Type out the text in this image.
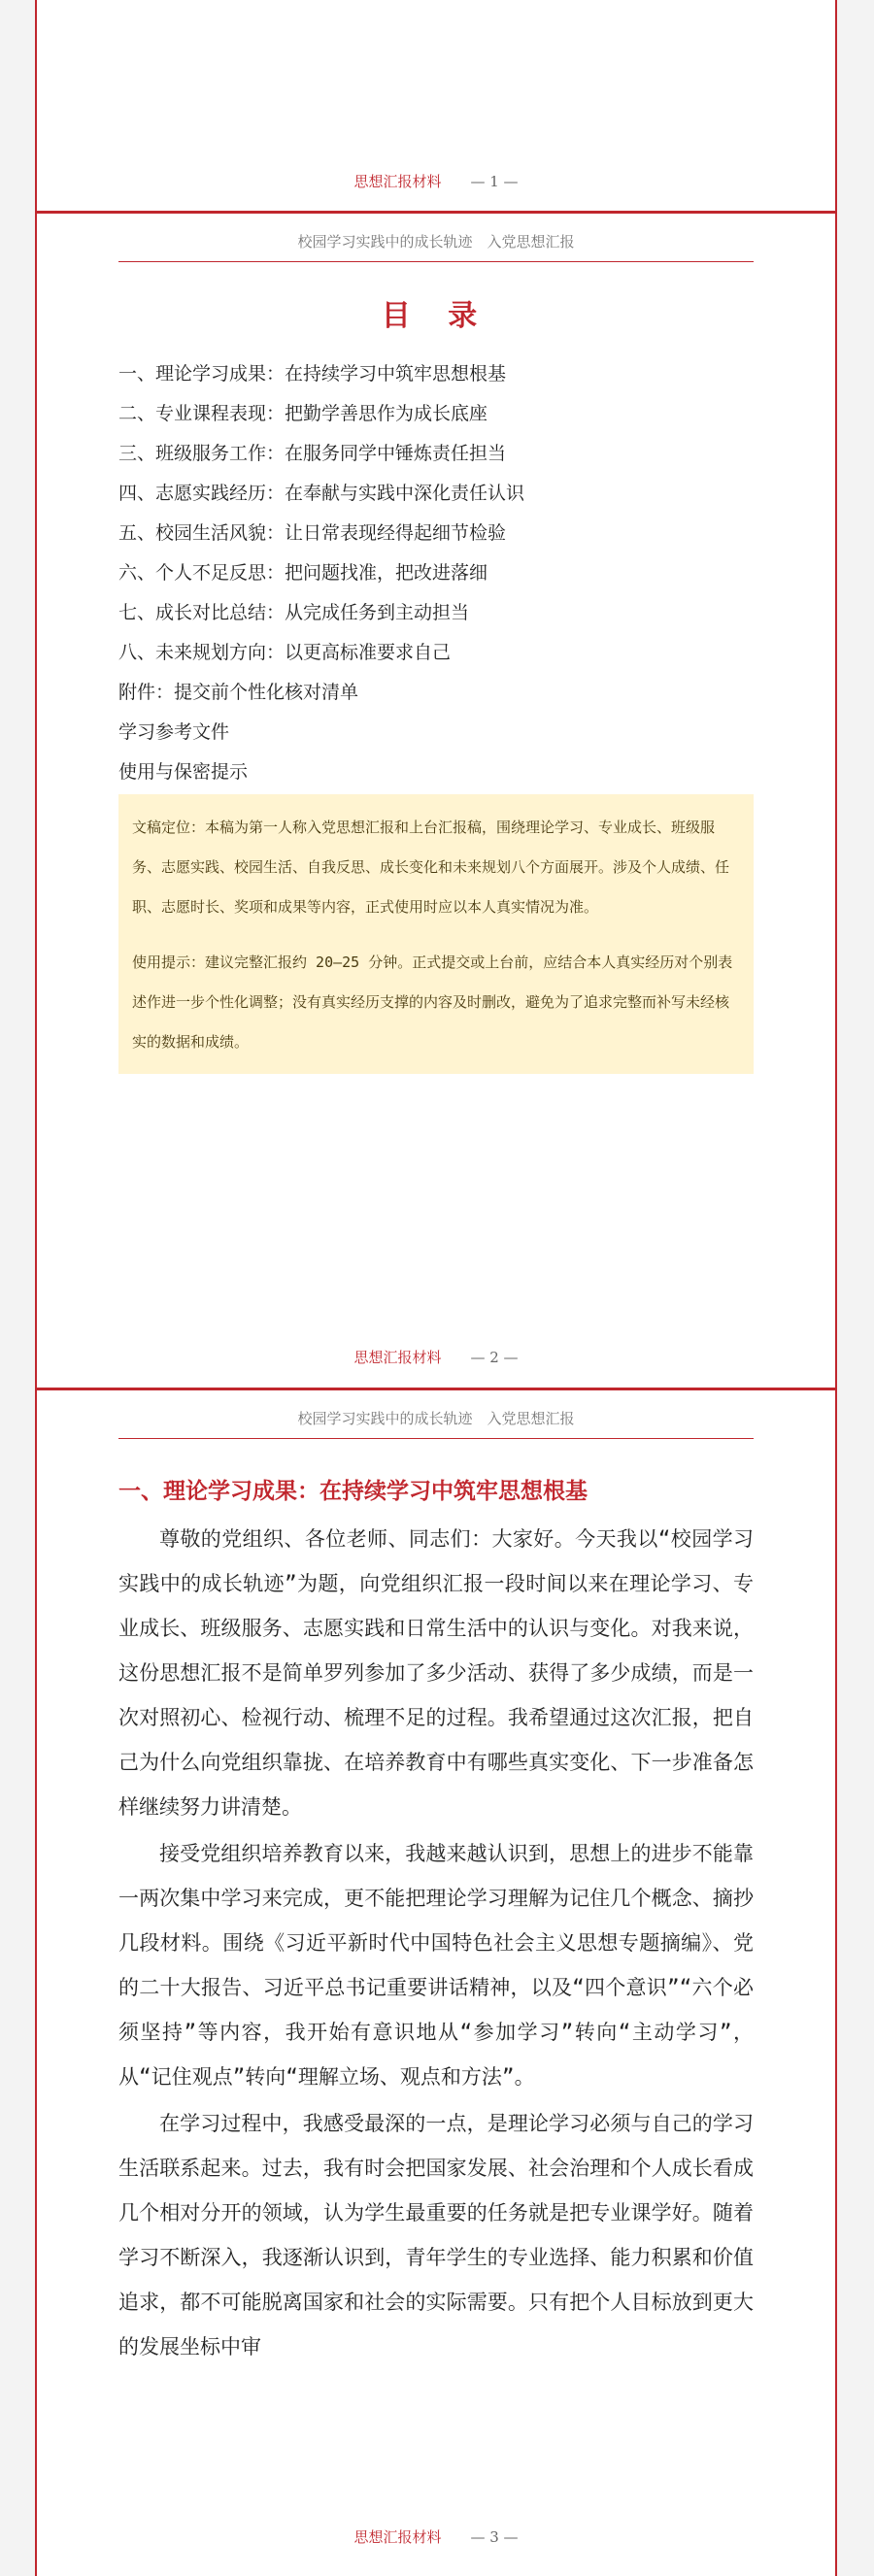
思想汇报材料 — 1 —
校园学习实践中的成长轨迹　入党思想汇报
目 录
一、理论学习成果：在持续学习中筑牢思想根基
二、专业课程表现：把勤学善思作为成长底座
三、班级服务工作：在服务同学中锤炼责任担当
四、志愿实践经历：在奉献与实践中深化责任认识
五、校园生活风貌：让日常表现经得起细节检验
六、个人不足反思：把问题找准，把改进落细
七、成长对比总结：从完成任务到主动担当
八、未来规划方向：以更高标准要求自己
附件：提交前个性化核对清单
学习参考文件
使用与保密提示

文稿定位：本稿为第一人称入党思想汇报和上台汇报稿，围绕理论学习、专业成长、班级服务、志愿实践、校园生活、自我反思、成长变化和未来规划八个方面展开。涉及个人成绩、任职、志愿时长、奖项和成果等内容，正式使用时应以本人真实情况为准。

使用提示：建议完整汇报约 20—25 分钟。正式提交或上台前，应结合本人真实经历对个别表述作进一步个性化调整；没有真实经历支撑的内容及时删改，避免为了追求完整而补写未经核实的数据和成绩。

思想汇报材料 — 2 —
校园学习实践中的成长轨迹　入党思想汇报
一、理论学习成果：在持续学习中筑牢思想根基

尊敬的党组织、各位老师、同志们：大家好。今天我以“校园学习实践中的成长轨迹”为题，向党组织汇报一段时间以来在理论学习、专业成长、班级服务、志愿实践和日常生活中的认识与变化。对我来说，这份思想汇报不是简单罗列参加了多少活动、获得了多少成绩，而是一次对照初心、检视行动、梳理不足的过程。我希望通过这次汇报，把自己为什么向党组织靠拢、在培养教育中有哪些真实变化、下一步准备怎样继续努力讲清楚。

接受党组织培养教育以来，我越来越认识到，思想上的进步不能靠一两次集中学习来完成，更不能把理论学习理解为记住几个概念、摘抄几段材料。围绕《习近平新时代中国特色社会主义思想专题摘编》、党的二十大报告、习近平总书记重要讲话精神，以及“四个意识”“六个必须坚持”等内容，我开始有意识地从“参加学习”转向“主动学习”，从“记住观点”转向“理解立场、观点和方法”。

在学习过程中，我感受最深的一点，是理论学习必须与自己的学习生活联系起来。过去，我有时会把国家发展、社会治理和个人成长看成几个相对分开的领域，认为学生最重要的任务就是把专业课学好。随着学习不断深入，我逐渐认识到，青年学生的专业选择、能力积累和价值追求，都不可能脱离国家和社会的实际需要。只有把个人目标放到更大的发展坐标中审

思想汇报材料 — 3 —
